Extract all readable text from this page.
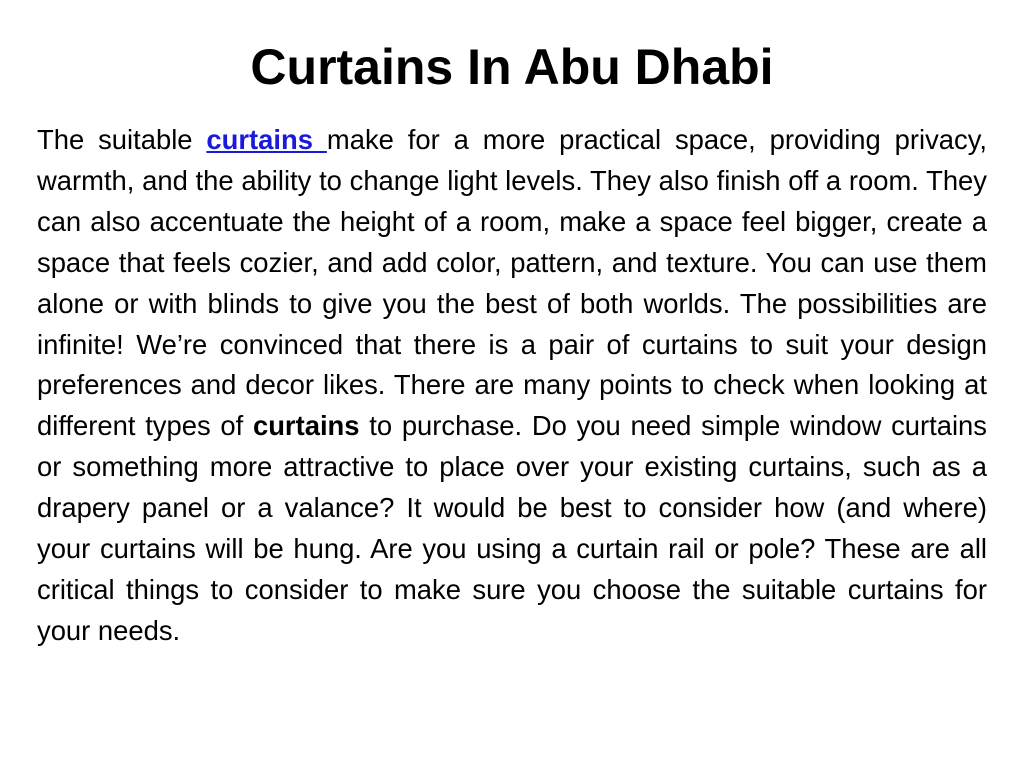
Curtains In Abu Dhabi

The suitable curtains make for a more practical space, providing privacy, warmth, and the ability to change light levels. They also finish off a room. They can also accentuate the height of a room, make a space feel bigger, create a space that feels cozier, and add color, pattern, and texture. You can use them alone or with blinds to give you the best of both worlds. The possibilities are infinite! We’re convinced that there is a pair of curtains to suit your design preferences and decor likes. There are many points to check when looking at different types of curtains to purchase. Do you need simple window curtains or something more attractive to place over your existing curtains, such as a drapery panel or a valance? It would be best to consider how (and where) your curtains will be hung. Are you using a curtain rail or pole? These are all critical things to consider to make sure you choose the suitable curtains for your needs.
